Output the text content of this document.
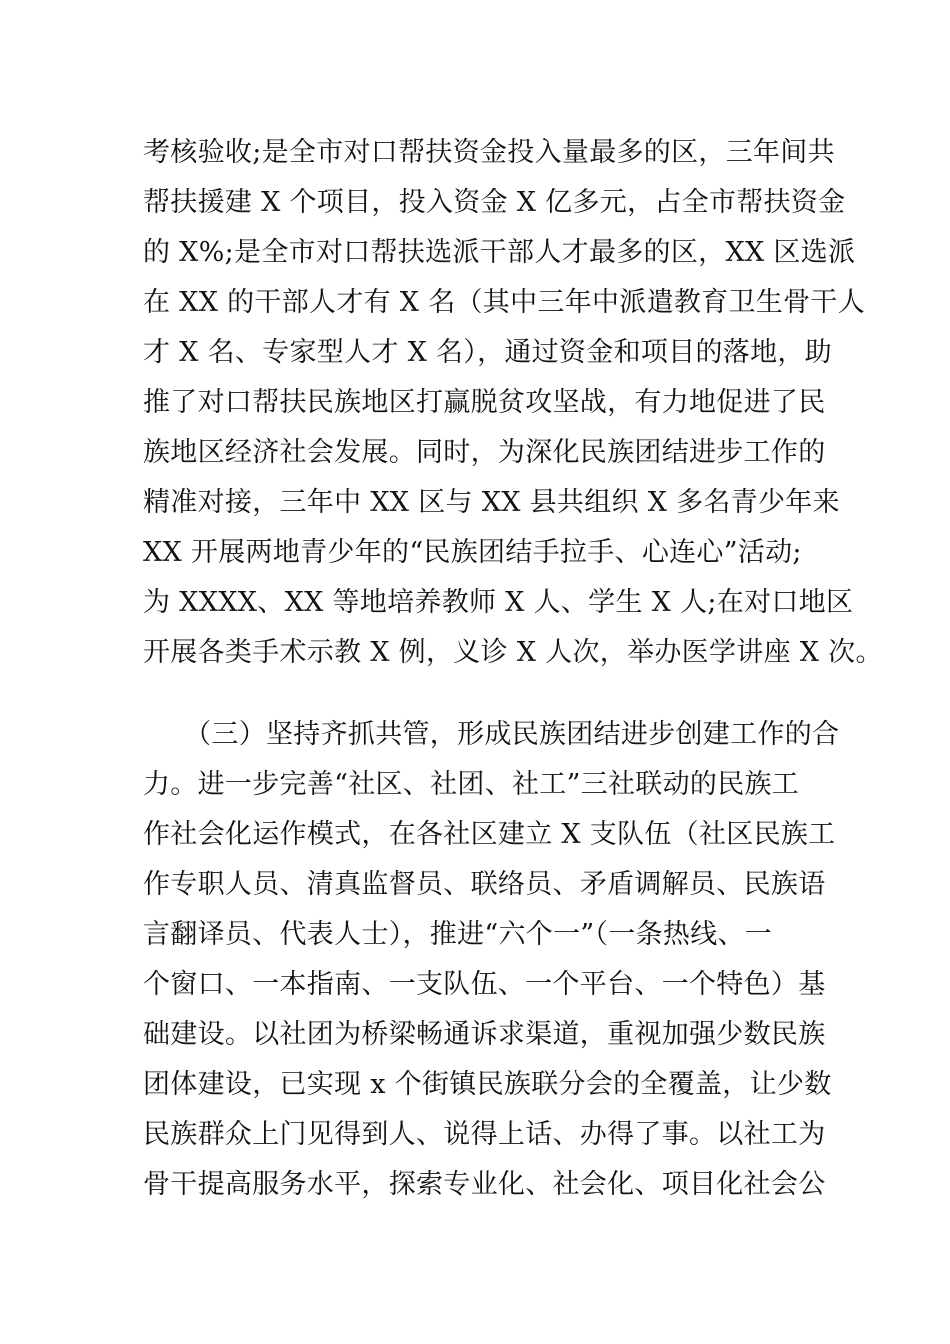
考核验收;是全市对口帮扶资金投入量最多的区，三年间共
帮扶援建 X 个项目，投入资金 X 亿多元，占全市帮扶资金
的 X%;是全市对口帮扶选派干部人才最多的区，XX 区选派
在 XX 的干部人才有 X 名（其中三年中派遣教育卫生骨干人
才 X 名、专家型人才 X 名），通过资金和项目的落地，助
推了对口帮扶民族地区打赢脱贫攻坚战，有力地促进了民
族地区经济社会发展。同时，为深化民族团结进步工作的
精准对接，三年中 XX 区与 XX 县共组织 X 多名青少年来
XX 开展两地青少年的“民族团结手拉手、心连心”活动;
为 XXXX、XX 等地培养教师 X 人、学生 X 人;在对口地区
开展各类手术示教 X 例，义诊 X 人次，举办医学讲座 X 次。
　　（三）坚持齐抓共管，形成民族团结进步创建工作的合
力。进一步完善“社区、社团、社工”三社联动的民族工
作社会化运作模式，在各社区建立 X 支队伍（社区民族工
作专职人员、清真监督员、联络员、矛盾调解员、民族语
言翻译员、代表人士），推进“六个一”（一条热线、一
个窗口、一本指南、一支队伍、一个平台、一个特色）基
础建设。以社团为桥梁畅通诉求渠道，重视加强少数民族
团体建设，已实现 x 个街镇民族联分会的全覆盖，让少数
民族群众上门见得到人、说得上话、办得了事。以社工为
骨干提高服务水平，探索专业化、社会化、项目化社会公
